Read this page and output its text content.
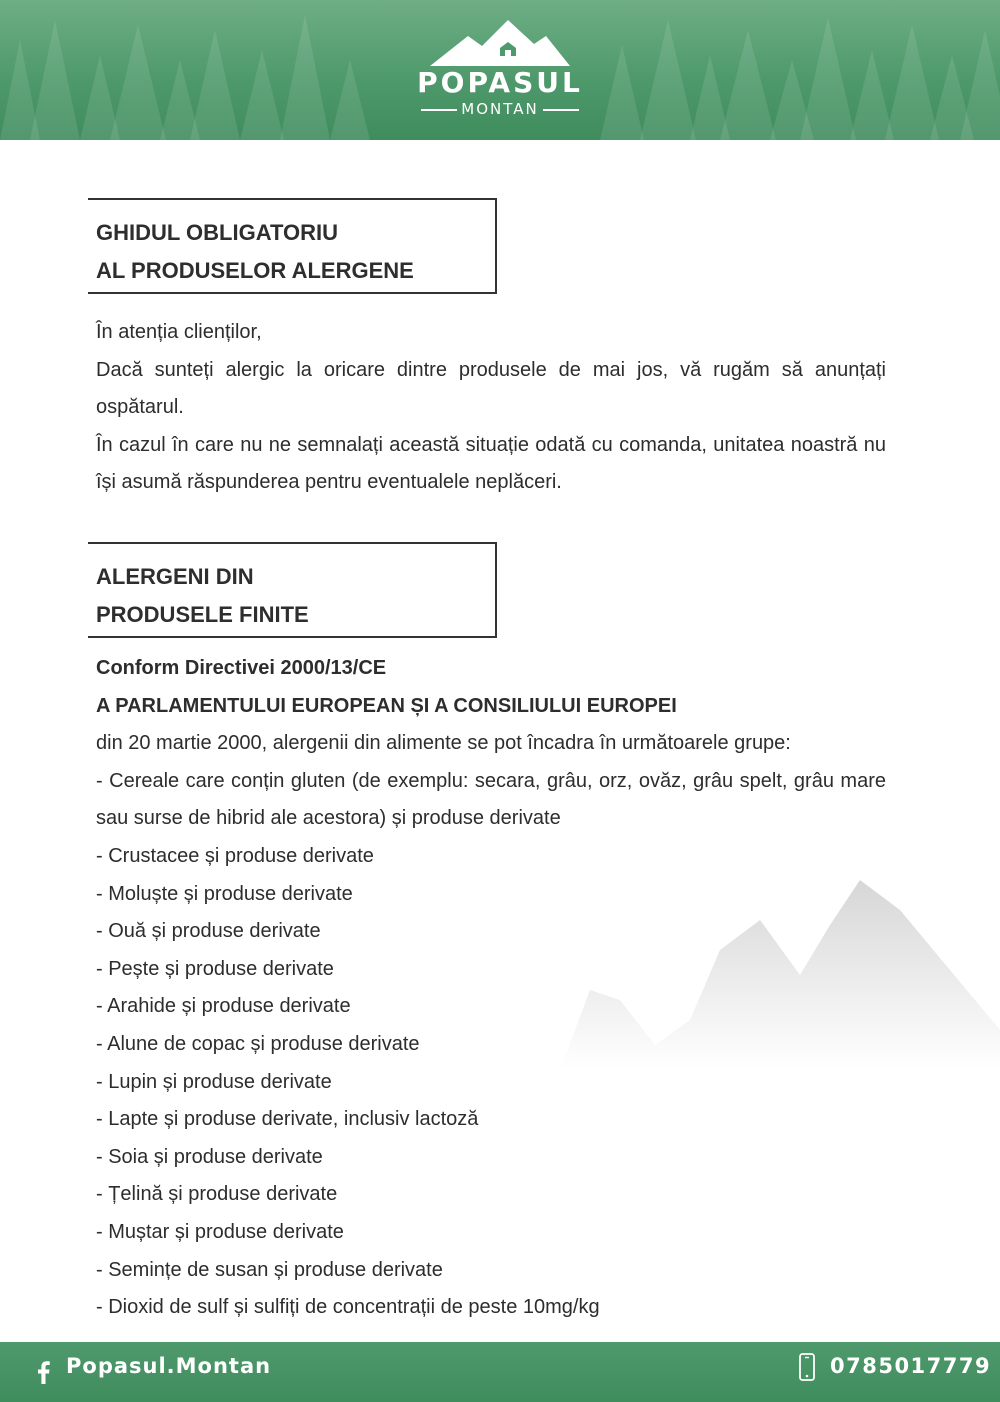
POPASUL
MONTAN
GHIDUL OBLIGATORIU
AL PRODUSELOR ALERGENE

În atenția clienților,

Dacă sunteți alergic la oricare dintre produsele de mai jos, vă rugăm să anunțați ospătarul.

În cazul în care nu ne semnalați această situație odată cu comanda, unitatea noastră nu își asumă răspunderea pentru eventualele neplăceri.

ALERGENI DIN
PRODUSELE FINITE

Conform Directivei 2000/13/CE

A PARLAMENTULUI EUROPEAN ȘI A CONSILIULUI EUROPEI

din 20 martie 2000, alergenii din alimente se pot încadra în următoarele grupe:

- Cereale care conțin gluten (de exemplu: secara, grâu, orz, ovăz, grâu spelt, grâu mare sau surse de hibrid ale acestora) și produse derivate

- Crustacee și produse derivate

- Moluște și produse derivate

- Ouă și produse derivate

- Pește și produse derivate

- Arahide și produse derivate

- Alune de copac și produse derivate

- Lupin și produse derivate

- Lapte și produse derivate, inclusiv lactoză

- Soia și produse derivate

- Țelină și produse derivate

- Muștar și produse derivate

- Semințe de susan și produse derivate

- Dioxid de sulf și sulfiți de concentrații de peste 10mg/kg

Popasul.Montan	0785017779
